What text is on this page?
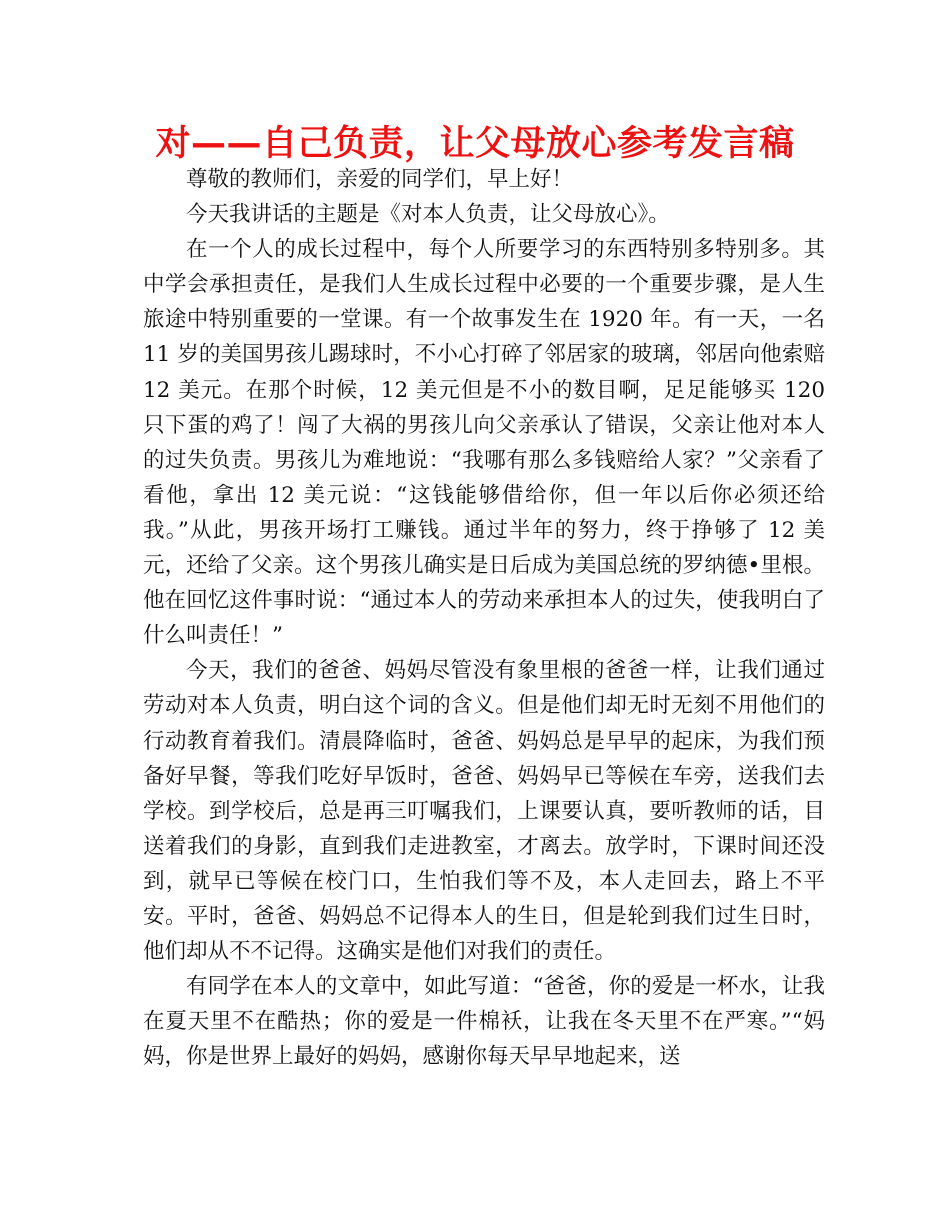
对——自己负责，让父母放心参考发言稿

尊敬的教师们，亲爱的同学们，早上好！

今天我讲话的主题是《对本人负责，让父母放心》。

在一个人的成长过程中，每个人所要学习的东西特别多特别多。其中学会承担责任，是我们人生成长过程中必要的一个重要步骤，是人生旅途中特别重要的一堂课。有一个故事发生在 1920 年。有一天，一名 11 岁的美国男孩儿踢球时，不小心打碎了邻居家的玻璃，邻居向他索赔 12 美元。在那个时候，12 美元但是不小的数目啊，足足能够买 120 只下蛋的鸡了！闯了大祸的男孩儿向父亲承认了错误，父亲让他对本人的过失负责。男孩儿为难地说：“我哪有那么多钱赔给人家？”父亲看了看他，拿出 12 美元说：“这钱能够借给你，但一年以后你必须还给我。”从此，男孩开场打工赚钱。通过半年的努力，终于挣够了 12 美元，还给了父亲。这个男孩儿确实是日后成为美国总统的罗纳德•里根。他在回忆这件事时说：“通过本人的劳动来承担本人的过失，使我明白了什么叫责任！”

今天，我们的爸爸、妈妈尽管没有象里根的爸爸一样，让我们通过劳动对本人负责，明白这个词的含义。但是他们却无时无刻不用他们的行动教育着我们。清晨降临时，爸爸、妈妈总是早早的起床，为我们预备好早餐，等我们吃好早饭时，爸爸、妈妈早已等候在车旁，送我们去学校。到学校后，总是再三叮嘱我们，上课要认真，要听教师的话，目送着我们的身影，直到我们走进教室，才离去。放学时，下课时间还没到，就早已等候在校门口，生怕我们等不及，本人走回去，路上不平安。平时，爸爸、妈妈总不记得本人的生日，但是轮到我们过生日时，他们却从不不记得。这确实是他们对我们的责任。

有同学在本人的文章中，如此写道：“爸爸，你的爱是一杯水，让我在夏天里不在酷热；你的爱是一件棉袄，让我在冬天里不在严寒。”“妈妈，你是世界上最好的妈妈，感谢你每天早早地起来，送
